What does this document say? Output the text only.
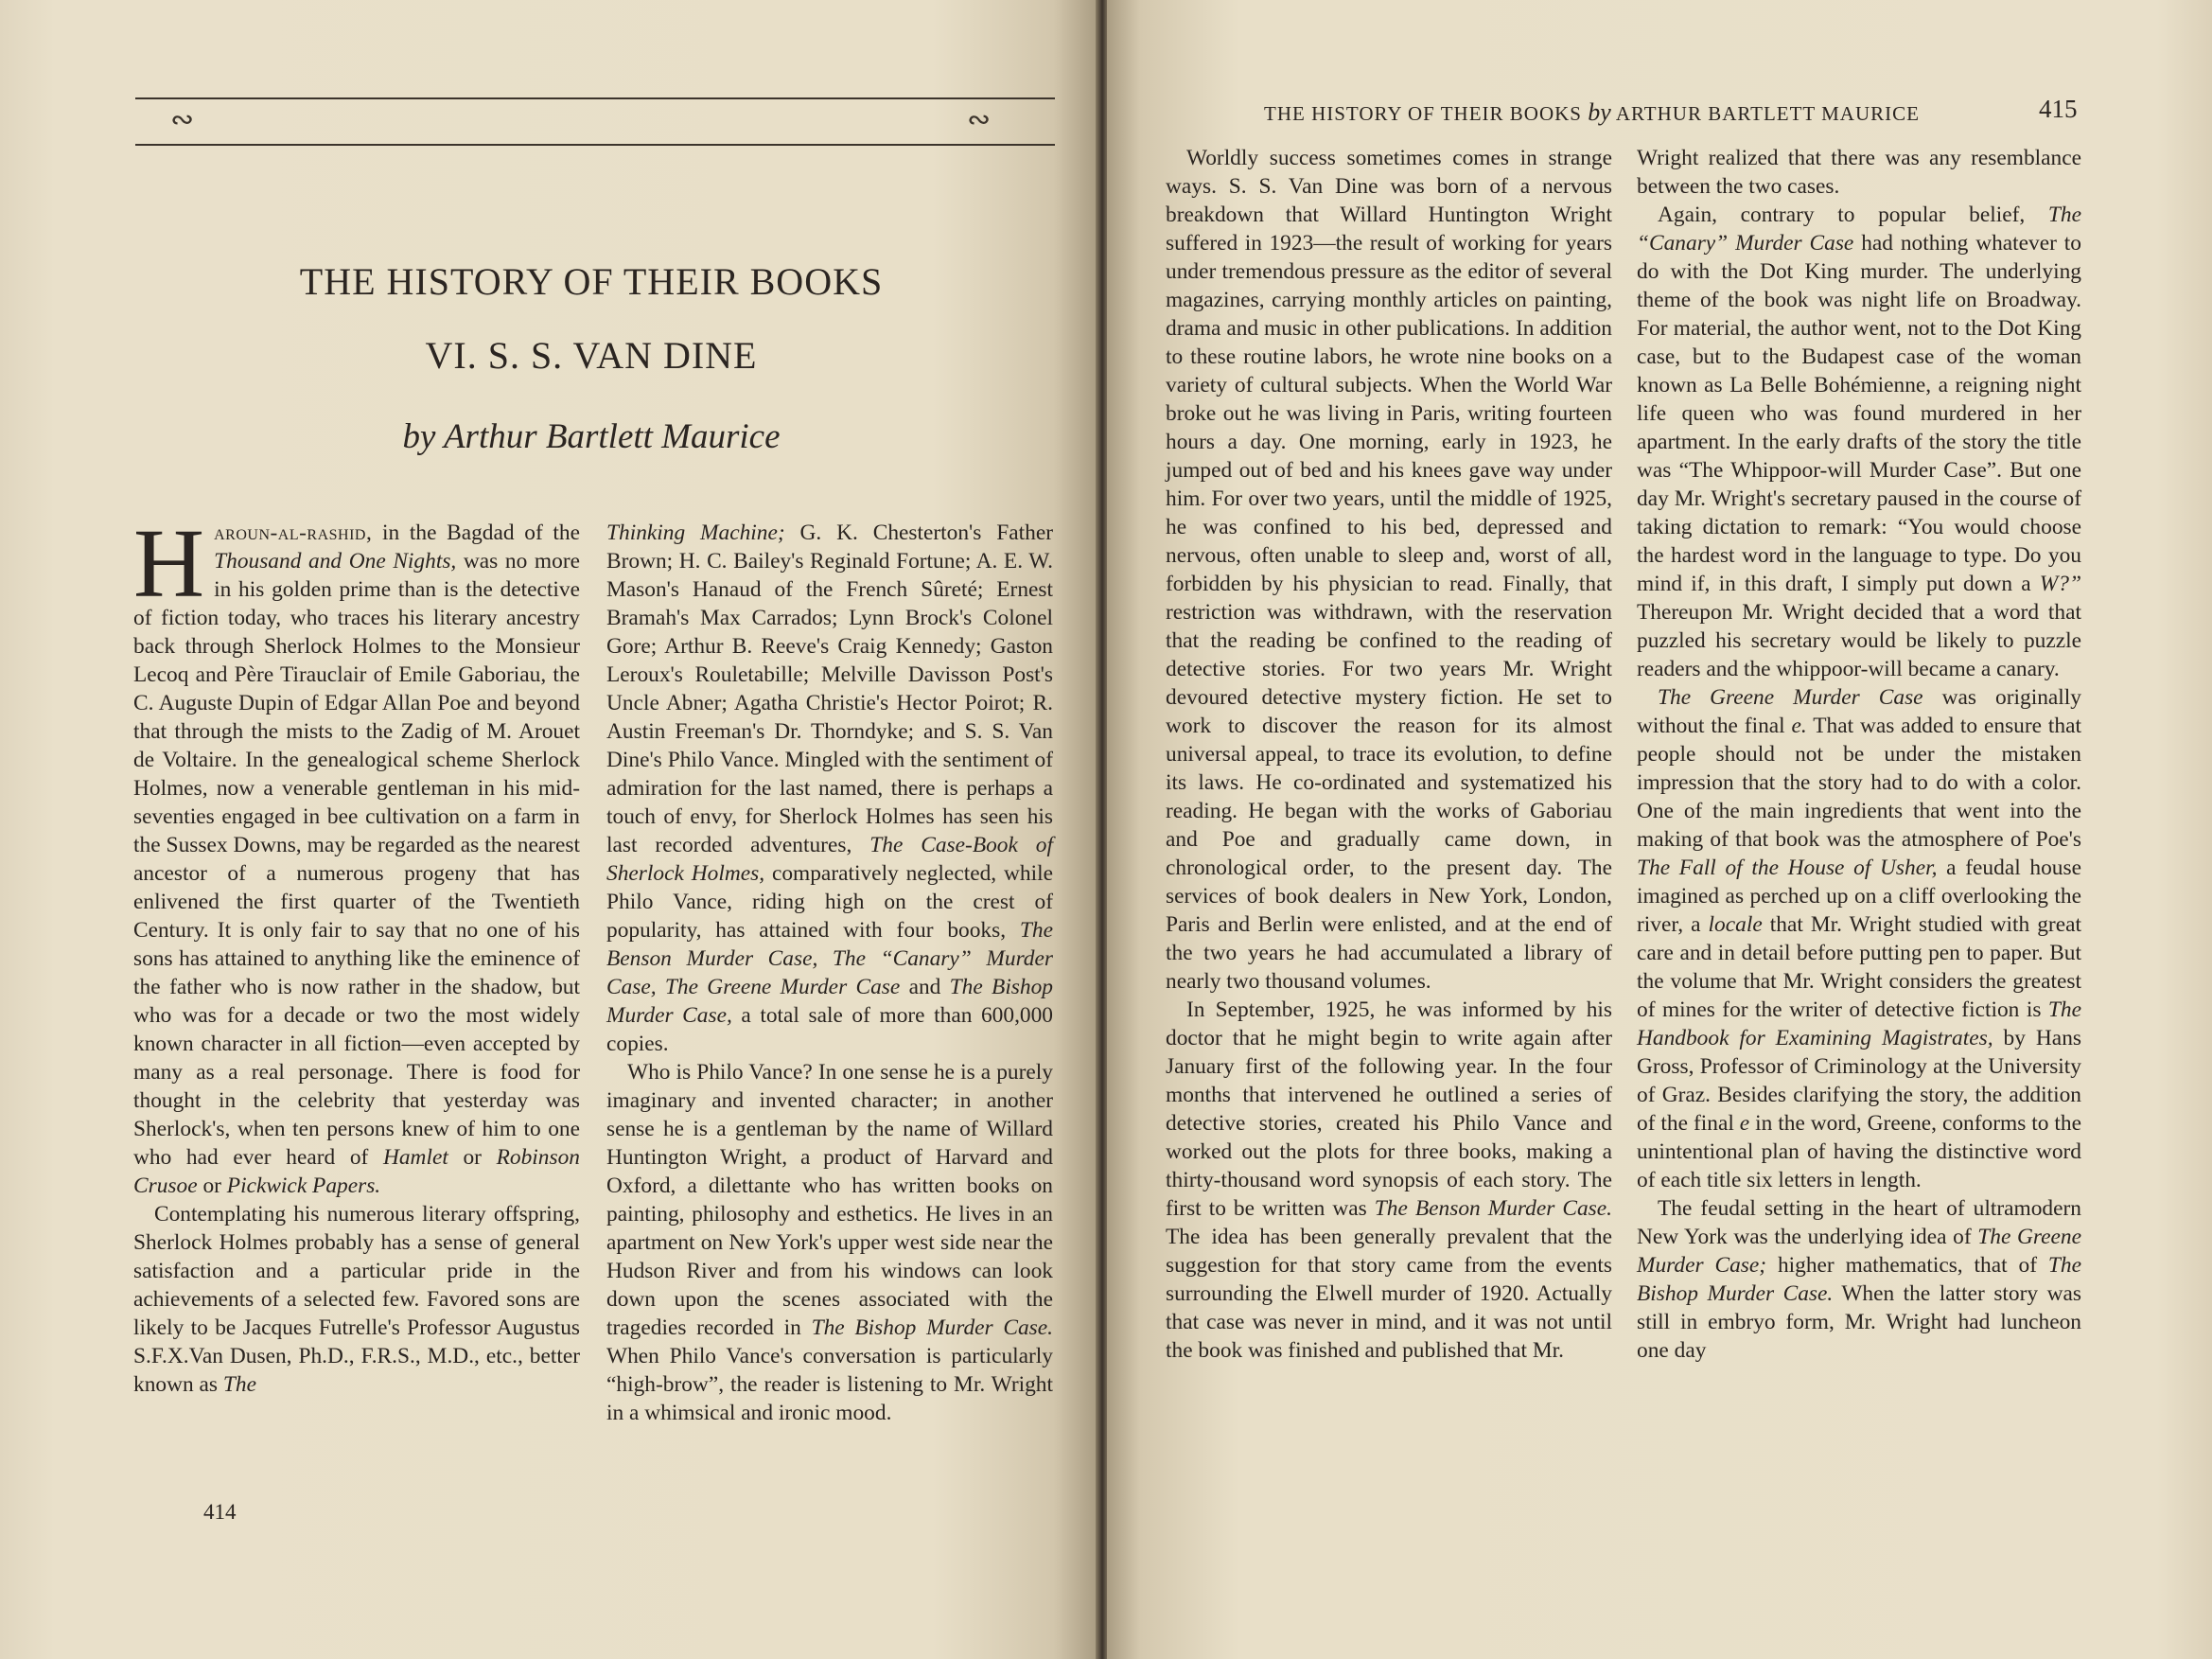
∾	∾
THE HISTORY OF THEIR BOOKS
VI. S. S. VAN DINE
by Arthur Bartlett Maurice

Haroun-al-rashid, in the Bagdad of the Thousand and One Nights, was no more in his golden prime than is the detective of fiction today, who traces his literary ancestry back through Sherlock Holmes to the Monsieur Lecoq and Père Tirauclair of Emile Gaboriau, the C. Auguste Dupin of Edgar Allan Poe and beyond that through the mists to the Zadig of M. Arouet de Voltaire. In the genealogical scheme Sherlock Holmes, now a venerable gentleman in his mid-seventies engaged in bee cultivation on a farm in the Sussex Downs, may be regarded as the nearest ancestor of a numerous progeny that has enlivened the first quarter of the Twentieth Century. It is only fair to say that no one of his sons has attained to anything like the eminence of the father who is now rather in the shadow, but who was for a decade or two the most widely known character in all fiction—even accepted by many as a real personage. There is food for thought in the celebrity that yesterday was Sherlock's, when ten persons knew of him to one who had ever heard of Hamlet or Robinson Crusoe or Pickwick Papers.

Contemplating his numerous literary offspring, Sherlock Holmes probably has a sense of general satisfaction and a particular pride in the achievements of a selected few. Favored sons are likely to be Jacques Futrelle's Professor Augustus S.F.X.Van Dusen, Ph.D., F.R.S., M.D., etc., better known as The

Thinking Machine; G. K. Chesterton's Father Brown; H. C. Bailey's Reginald Fortune; A. E. W. Mason's Hanaud of the French Sûreté; Ernest Bramah's Max Carrados; Lynn Brock's Colonel Gore; Arthur B. Reeve's Craig Kennedy; Gaston Leroux's Rouletabille; Melville Davisson Post's Uncle Abner; Agatha Christie's Hector Poirot; R. Austin Freeman's Dr. Thorndyke; and S. S. Van Dine's Philo Vance. Mingled with the sentiment of admiration for the last named, there is perhaps a touch of envy, for Sherlock Holmes has seen his last recorded adventures, The Case-Book of Sherlock Holmes, comparatively neglected, while Philo Vance, riding high on the crest of popularity, has attained with four books, The Benson Murder Case, The “Canary” Murder Case, The Greene Murder Case and The Bishop Murder Case, a total sale of more than 600,000 copies.

Who is Philo Vance? In one sense he is a purely imaginary and invented character; in another sense he is a gentleman by the name of Willard Huntington Wright, a product of Harvard and Oxford, a dilettante who has written books on painting, philosophy and esthetics. He lives in an apartment on New York's upper west side near the Hudson River and from his windows can look down upon the scenes associated with the tragedies recorded in The Bishop Murder Case. When Philo Vance's conversation is particularly “high-brow”, the reader is listening to Mr. Wright in a whimsical and ironic mood.

414
THE HISTORY OF THEIR BOOKS by ARTHUR BARTLETT MAURICE	415

Worldly success sometimes comes in strange ways. S. S. Van Dine was born of a nervous breakdown that Willard Huntington Wright suffered in 1923—the result of working for years under tremendous pressure as the editor of several magazines, carrying monthly articles on painting, drama and music in other publications. In addition to these routine labors, he wrote nine books on a variety of cultural subjects. When the World War broke out he was living in Paris, writing fourteen hours a day. One morning, early in 1923, he jumped out of bed and his knees gave way under him. For over two years, until the middle of 1925, he was confined to his bed, depressed and nervous, often unable to sleep and, worst of all, forbidden by his physician to read. Finally, that restriction was withdrawn, with the reservation that the reading be confined to the reading of detective stories. For two years Mr. Wright devoured detective mystery fiction. He set to work to discover the reason for its almost universal appeal, to trace its evolution, to define its laws. He co-ordinated and systematized his reading. He began with the works of Gaboriau and Poe and gradually came down, in chronological order, to the present day. The services of book dealers in New York, London, Paris and Berlin were enlisted, and at the end of the two years he had accumulated a library of nearly two thousand volumes.

In September, 1925, he was informed by his doctor that he might begin to write again after January first of the following year. In the four months that intervened he outlined a series of detective stories, created his Philo Vance and worked out the plots for three books, making a thirty-thousand word synopsis of each story. The first to be written was The Benson Murder Case. The idea has been generally prevalent that the suggestion for that story came from the events surrounding the Elwell murder of 1920. Actually that case was never in mind, and it was not until the book was finished and published that Mr.

Wright realized that there was any resemblance between the two cases.

Again, contrary to popular belief, The “Canary” Murder Case had nothing whatever to do with the Dot King murder. The underlying theme of the book was night life on Broadway. For material, the author went, not to the Dot King case, but to the Budapest case of the woman known as La Belle Bohémienne, a reigning night life queen who was found murdered in her apartment. In the early drafts of the story the title was “The Whippoor-will Murder Case”. But one day Mr. Wright's secretary paused in the course of taking dictation to remark: “You would choose the hardest word in the language to type. Do you mind if, in this draft, I simply put down a W?” Thereupon Mr. Wright decided that a word that puzzled his secretary would be likely to puzzle readers and the whippoor-will became a canary.

The Greene Murder Case was originally without the final e. That was added to ensure that people should not be under the mistaken impression that the story had to do with a color. One of the main ingredients that went into the making of that book was the atmosphere of Poe's The Fall of the House of Usher, a feudal house imagined as perched up on a cliff overlooking the river, a locale that Mr. Wright studied with great care and in detail before putting pen to paper. But the volume that Mr. Wright considers the greatest of mines for the writer of detective fiction is The Handbook for Examining Magistrates, by Hans Gross, Professor of Criminology at the University of Graz. Besides clarifying the story, the addition of the final e in the word, Greene, conforms to the unintentional plan of having the distinctive word of each title six letters in length.

The feudal setting in the heart of ultramodern New York was the underlying idea of The Greene Murder Case; higher mathematics, that of The Bishop Murder Case. When the latter story was still in embryo form, Mr. Wright had luncheon one day
